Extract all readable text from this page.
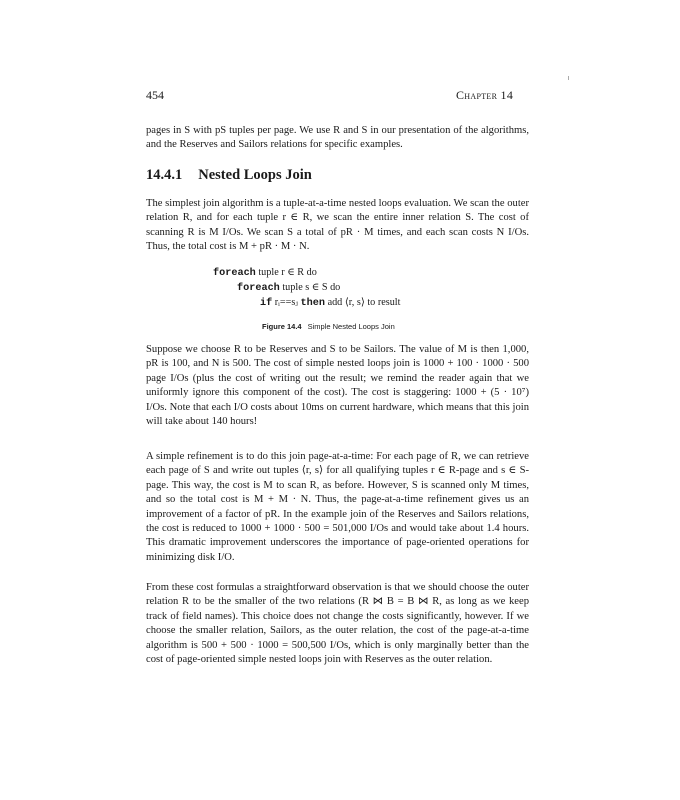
454	Chapter 14
pages in S with pS tuples per page. We use R and S in our presentation of the algorithms, and the Reserves and Sailors relations for specific examples.
14.4.1 Nested Loops Join
The simplest join algorithm is a tuple-at-a-time nested loops evaluation. We scan the outer relation R, and for each tuple r ∈ R, we scan the entire inner relation S. The cost of scanning R is M I/Os. We scan S a total of pR · M times, and each scan costs N I/Os. Thus, the total cost is M + pR · M · N.
foreach tuple r ∈ R do
foreach tuple s ∈ S do
if rᵢ==sⱼ then add ⟨r, s⟩ to result
Figure 14.4 Simple Nested Loops Join
Suppose we choose R to be Reserves and S to be Sailors. The value of M is then 1,000, pR is 100, and N is 500. The cost of simple nested loops join is 1000 + 100 · 1000 · 500 page I/Os (plus the cost of writing out the result; we remind the reader again that we uniformly ignore this component of the cost). The cost is staggering: 1000 + (5 · 10⁷) I/Os. Note that each I/O costs about 10ms on current hardware, which means that this join will take about 140 hours!
A simple refinement is to do this join page-at-a-time: For each page of R, we can retrieve each page of S and write out tuples ⟨r, s⟩ for all qualifying tuples r ∈ R-page and s ∈ S-page. This way, the cost is M to scan R, as before. However, S is scanned only M times, and so the total cost is M + M · N. Thus, the page-at-a-time refinement gives us an improvement of a factor of pR. In the example join of the Reserves and Sailors relations, the cost is reduced to 1000 + 1000 · 500 = 501,000 I/Os and would take about 1.4 hours. This dramatic improvement underscores the importance of page-oriented operations for minimizing disk I/O.
From these cost formulas a straightforward observation is that we should choose the outer relation R to be the smaller of the two relations (R ⋈ B = B ⋈ R, as long as we keep track of field names). This choice does not change the costs significantly, however. If we choose the smaller relation, Sailors, as the outer relation, the cost of the page-at-a-time algorithm is 500 + 500 · 1000 = 500,500 I/Os, which is only marginally better than the cost of page-oriented simple nested loops join with Reserves as the outer relation.
